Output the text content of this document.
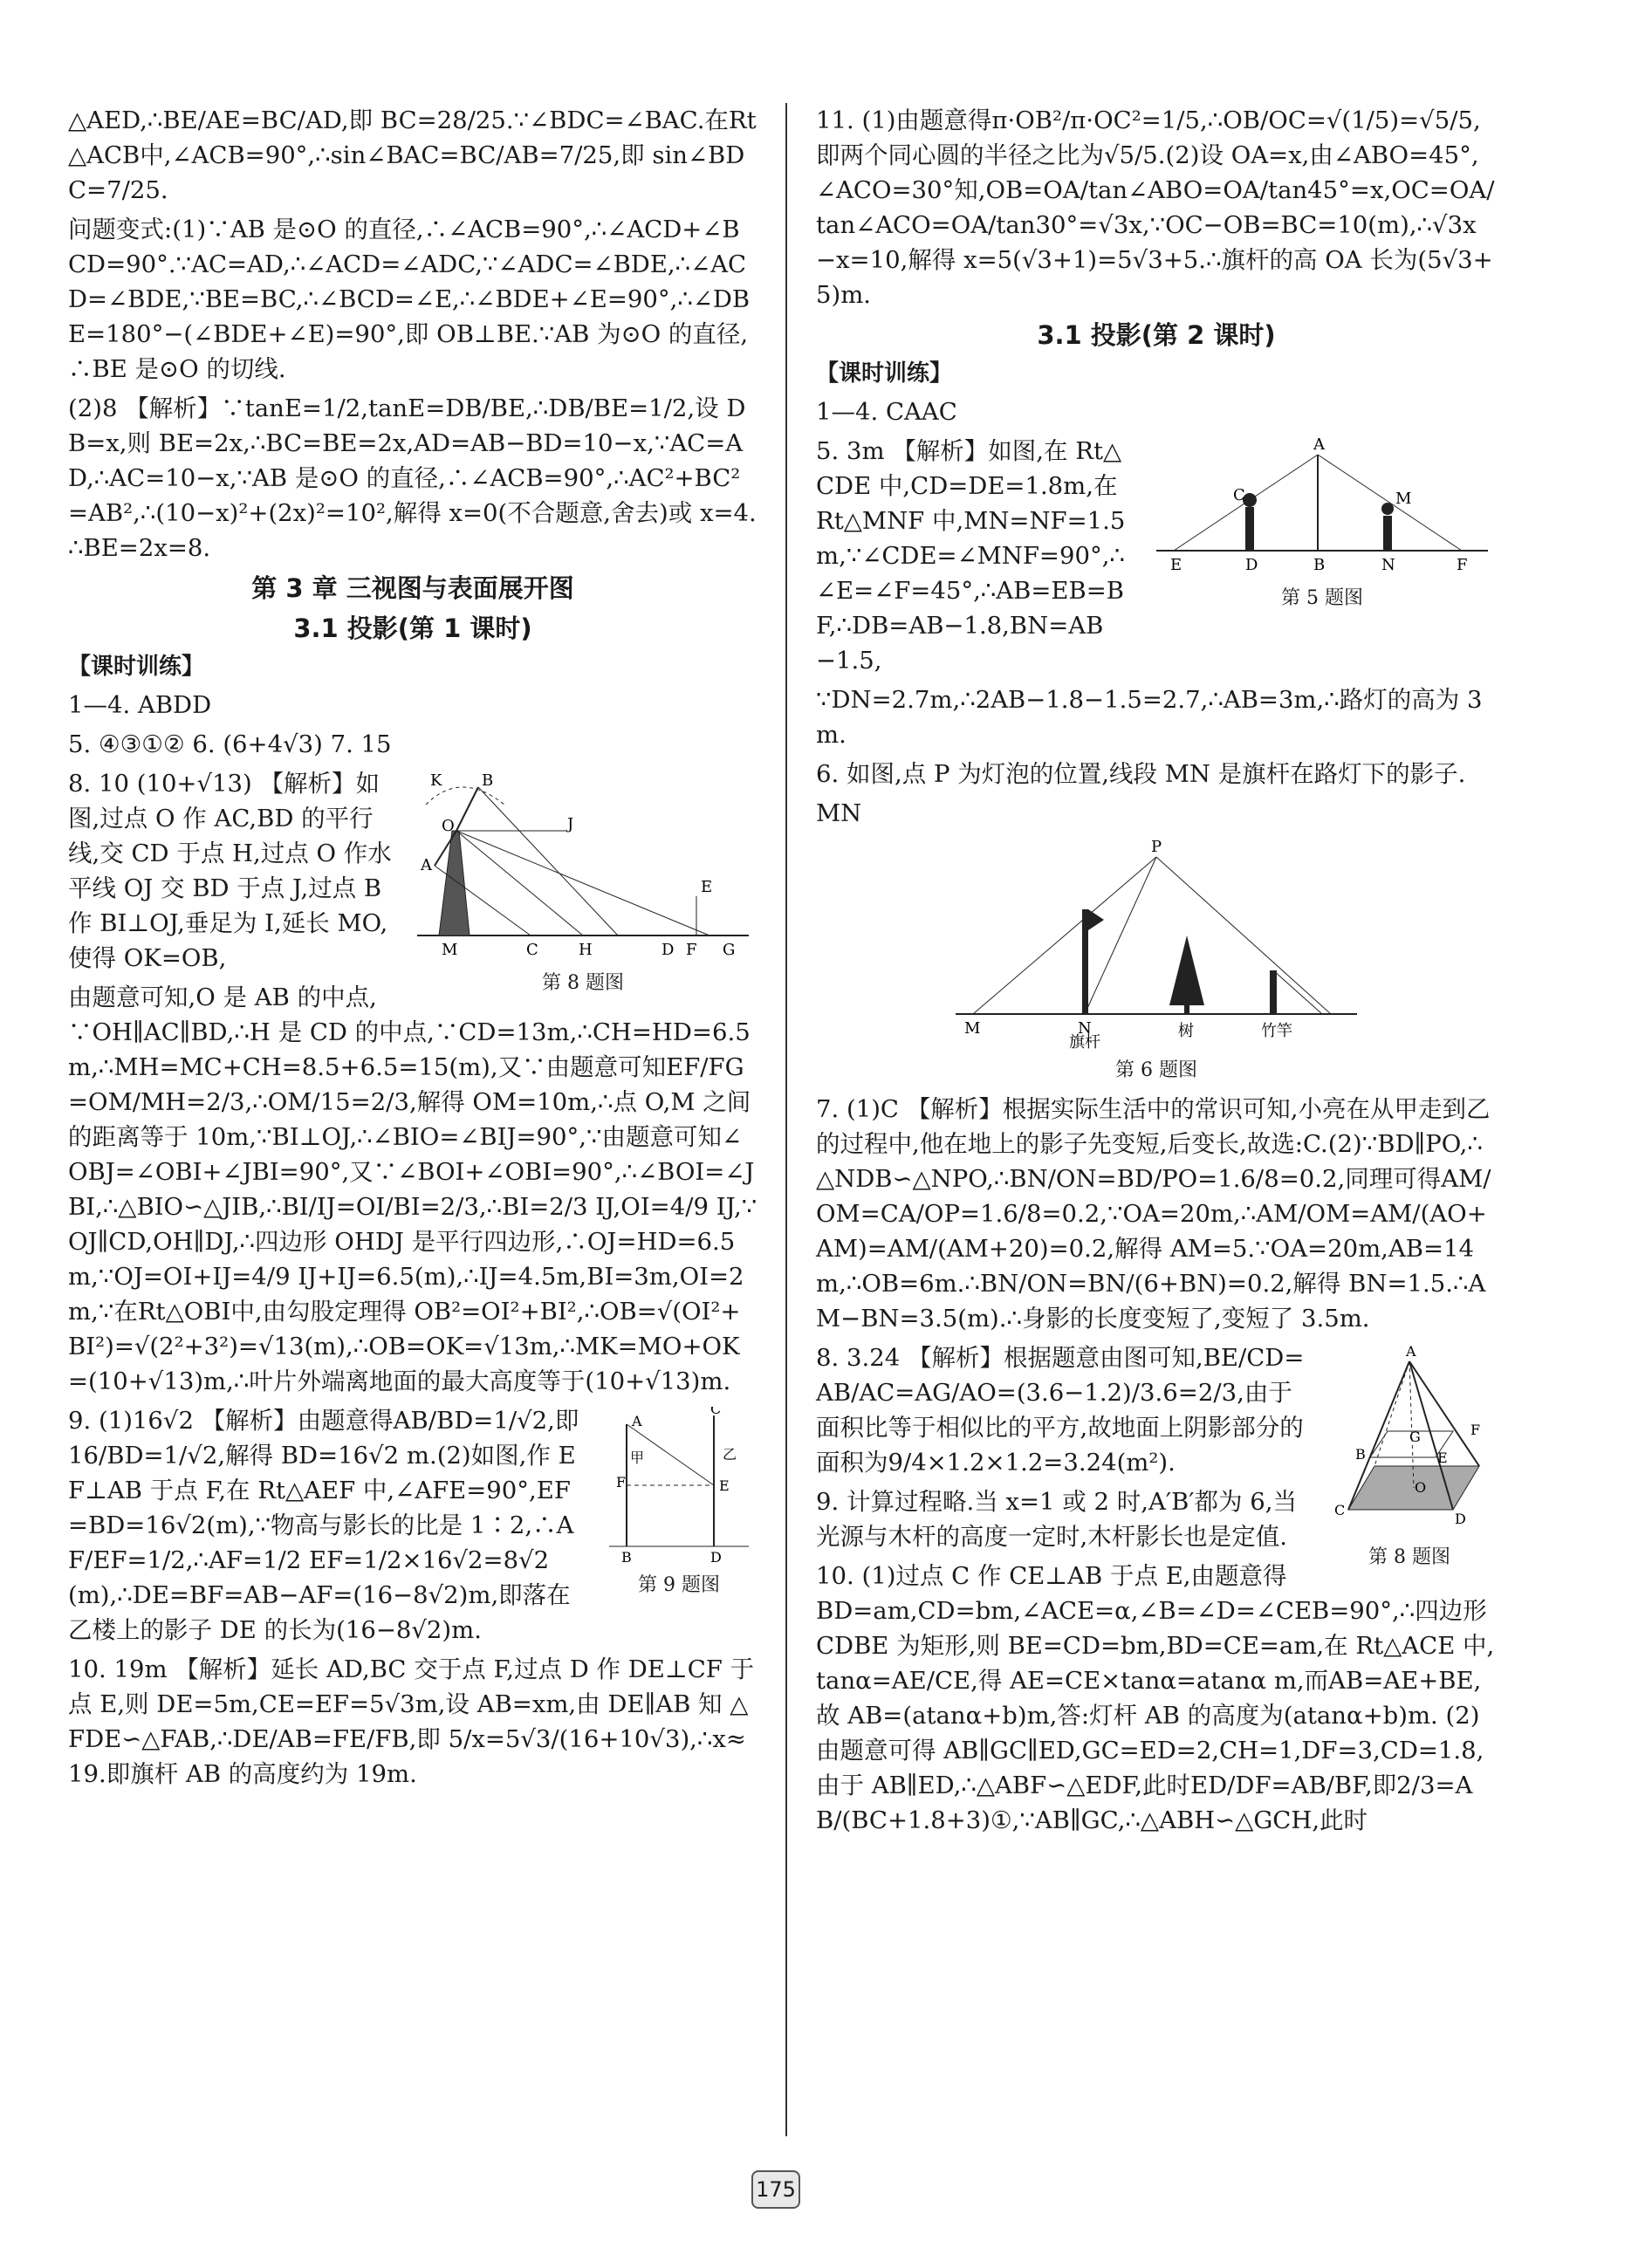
△AED,∴BE/AE=BC/AD,即 BC=28/25.∵∠BDC=∠BAC.在Rt△ACB中,∠ACB=90°,∴sin∠BAC=BC/AB=7/25,即 sin∠BDC=7/25.

问题变式:(1)∵AB 是⊙O 的直径,∴∠ACB=90°,∴∠ACD+∠BCD=90°.∵AC=AD,∴∠ACD=∠ADC,∵∠ADC=∠BDE,∴∠ACD=∠BDE,∵BE=BC,∴∠BCD=∠E,∴∠BDE+∠E=90°,∴∠DBE=180°−(∠BDE+∠E)=90°,即 OB⊥BE.∵AB 为⊙O 的直径,∴BE 是⊙O 的切线.

(2)8 【解析】∵tanE=1/2,tanE=DB/BE,∴DB/BE=1/2,设 DB=x,则 BE=2x,∴BC=BE=2x,AD=AB−BD=10−x,∵AC=AD,∴AC=10−x,∵AB 是⊙O 的直径,∴∠ACB=90°,∴AC²+BC²=AB²,∴(10−x)²+(2x)²=10²,解得 x=0(不合题意,舍去)或 x=4.∴BE=2x=8.

第 3 章 三视图与表面展开图
3.1 投影(第 1 课时)
【课时训练】

1—4. ABDD

5. ④③①② 6. (6+4√3) 7. 15

K	B
O
A
J
E
M	C	H	D F G
第 8 题图

8. 10 (10+√13) 【解析】如图,过点 O 作 AC,BD 的平行线,交 CD 于点 H,过点 O 作水平线 OJ 交 BD 于点 J,过点 B 作 BI⊥OJ,垂足为 I,延长 MO,使得 OK=OB,

由题意可知,O 是 AB 的中点,∵OH∥AC∥BD,∴H 是 CD 的中点,∵CD=13m,∴CH=HD=6.5m,∴MH=MC+CH=8.5+6.5=15(m),又∵由题意可知EF/FG=OM/MH=2/3,∴OM/15=2/3,解得 OM=10m,∴点 O,M 之间的距离等于 10m,∵BI⊥OJ,∴∠BIO=∠BIJ=90°,∵由题意可知∠OBJ=∠OBI+∠JBI=90°,又∵∠BOI+∠OBI=90°,∴∠BOI=∠JBI,∴△BIO∽△JIB,∴BI/IJ=OI/BI=2/3,∴BI=2/3 IJ,OI=4/9 IJ,∵OJ∥CD,OH∥DJ,∴四边形 OHDJ 是平行四边形,∴OJ=HD=6.5m,∵OJ=OI+IJ=4/9 IJ+IJ=6.5(m),∴IJ=4.5m,BI=3m,OI=2m,∵在Rt△OBI中,由勾股定理得 OB²=OI²+BI²,∴OB=√(OI²+BI²)=√(2²+3²)=√13(m),∴OB=OK=√13m,∴MK=MO+OK=(10+√13)m,∴叶片外端离地面的最大高度等于(10+√13)m.

A
C
F	E
甲	乙
B	D
第 9 题图

9. (1)16√2 【解析】由题意得AB/BD=1/√2,即16/BD=1/√2,解得 BD=16√2 m.(2)如图,作 EF⊥AB 于点 F,在 Rt△AEF 中,∠AFE=90°,EF=BD=16√2(m),∵物高与影长的比是 1∶2,∴AF/EF=1/2,∴AF=1/2 EF=1/2×16√2=8√2(m),∴DE=BF=AB−AF=(16−8√2)m,即落在乙楼上的影子 DE 的长为(16−8√2)m.

10. 19m 【解析】延长 AD,BC 交于点 F,过点 D 作 DE⊥CF 于点 E,则 DE=5m,CE=EF=5√3m,设 AB=xm,由 DE∥AB 知 △FDE∽△FAB,∴DE/AB=FE/FB,即 5/x=5√3/(16+10√3),∴x≈19.即旗杆 AB 的高度约为 19m.

11. (1)由题意得π·OB²/π·OC²=1/5,∴OB/OC=√(1/5)=√5/5,即两个同心圆的半径之比为√5/5.(2)设 OA=x,由∠ABO=45°,∠ACO=30°知,OB=OA/tan∠ABO=OA/tan45°=x,OC=OA/tan∠ACO=OA/tan30°=√3x,∵OC−OB=BC=10(m),∴√3x−x=10,解得 x=5(√3+1)=5√3+5.∴旗杆的高 OA 长为(5√3+5)m.

3.1 投影(第 2 课时)
【课时训练】

1—4. CAAC

A
C	M
E	D	B	N	F
第 5 题图

5. 3m 【解析】如图,在 Rt△CDE 中,CD=DE=1.8m,在 Rt△MNF 中,MN=NF=1.5m,∵∠CDE=∠MNF=90°,∴∠E=∠F=45°,∴AB=EB=BF,∴DB=AB−1.8,BN=AB−1.5,

∵DN=2.7m,∴2AB−1.8−1.5=2.7,∴AB=3m,∴路灯的高为 3m.

6. 如图,点 P 为灯泡的位置,线段 MN 是旗杆在路灯下的影子.

MN

P
M	N
旗杆
树	竹竿
第 6 题图

7. (1)C 【解析】根据实际生活中的常识可知,小亮在从甲走到乙的过程中,他在地上的影子先变短,后变长,故选:C.(2)∵BD∥PO,∴△NDB∽△NPO,∴BN/ON=BD/PO=1.6/8=0.2,同理可得AM/OM=CA/OP=1.6/8=0.2,∵OA=20m,∴AM/OM=AM/(AO+AM)=AM/(AM+20)=0.2,解得 AM=5.∵OA=20m,AB=14m,∴OB=6m.∴BN/ON=BN/(6+BN)=0.2,解得 BN=1.5.∴AM−BN=3.5(m).∴身影的长度变短了,变短了 3.5m.

A
B
F
G
E
O
C
D
第 8 题图

8. 3.24 【解析】根据题意由图可知,BE/CD=AB/AC=AG/AO=(3.6−1.2)/3.6=2/3,由于面积比等于相似比的平方,故地面上阴影部分的面积为9/4×1.2×1.2=3.24(m²).

9. 计算过程略.当 x=1 或 2 时,A′B′都为 6,当光源与木杆的高度一定时,木杆影长也是定值.

10. (1)过点 C 作 CE⊥AB 于点 E,由题意得 BD=am,CD=bm,∠ACE=α,∠B=∠D=∠CEB=90°,∴四边形 CDBE 为矩形,则 BE=CD=bm,BD=CE=am,在 Rt△ACE 中,tanα=AE/CE,得 AE=CE×tanα=atanα m,而AB=AE+BE,故 AB=(atanα+b)m,答:灯杆 AB 的高度为(atanα+b)m. (2)由题意可得 AB∥GC∥ED,GC=ED=2,CH=1,DF=3,CD=1.8,由于 AB∥ED,∴△ABF∽△EDF,此时ED/DF=AB/BF,即2/3=AB/(BC+1.8+3)①,∵AB∥GC,∴△ABH∽△GCH,此时

175
